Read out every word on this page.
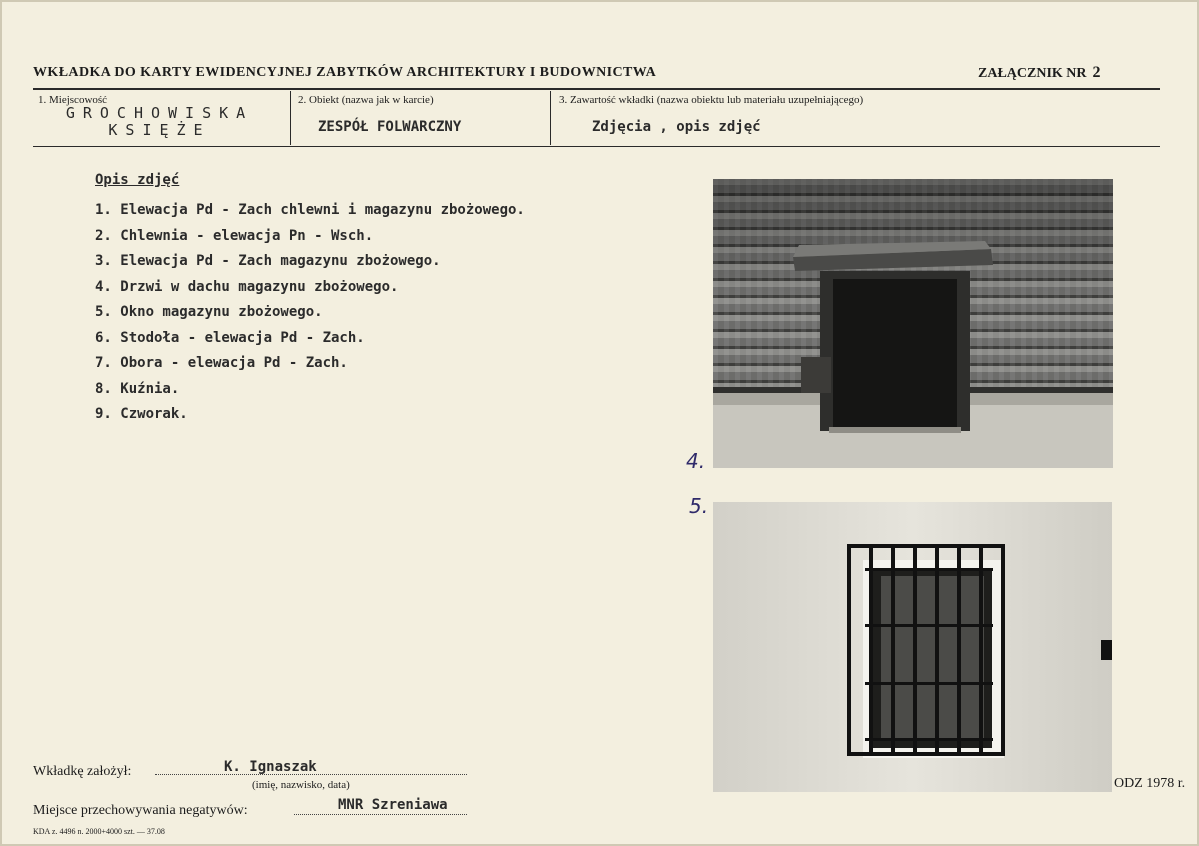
WKŁADKA DO KARTY EWIDENCYJNEJ ZABYTKÓW ARCHITEKTURY I BUDOWNICTWA	ZAŁĄCZNIK NR 2
1. Miejscowość
GROCHOWISKA
KSIĘŻE
2. Obiekt (nazwa jak w karcie)
ZESPÓŁ FOLWARCZNY
3. Zawartość wkładki (nazwa obiektu lub materiału uzupełniającego)
Zdjęcia , opis zdjęć
Opis zdjęć
1. Elewacja Pd - Zach chlewni i magazynu zbożowego.
2. Chlewnia - elewacja Pn - Wsch.
3. Elewacja Pd - Zach magazynu zbożowego.
4. Drzwi w dachu magazynu zbożowego.
5. Okno magazynu zbożowego.
6. Stodoła - elewacja Pd - Zach.
7. Obora - elewacja Pd - Zach.
8. Kuźnia.
9. Czworak.
4.
5.
Wkładkę założył:	K. Ignaszak
(imię, nazwisko, data)
Miejsce przechowywania negatywów:	MNR Szreniawa
KDA z. 4496 n. 2000+4000 szt. — 37.08
ODZ 1978 r.
